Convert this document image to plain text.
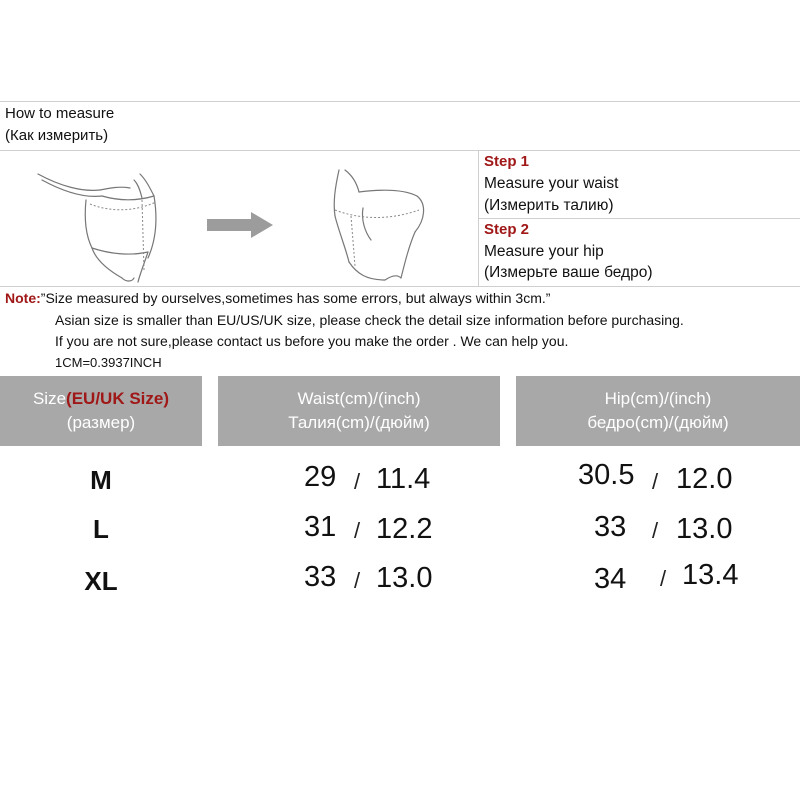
How to measure
(Как измерить)
Step 1
Measure your waist
(Измерить талию)
Step 2
Measure your hip
(Измерьте ваше бедро)
Note:”Size measured by ourselves,sometimes has some errors, but always within 3cm.”
Asian size is smaller than EU/US/UK size, please check the detail size information before purchasing.
If you are not sure,please contact us before you make the order . We can help you.
1CM=0.3937INCH
Size(EU/UK Size)
(размер)
Waist(cm)/(inch)
Талия(cm)/(дюйм)
Hip(cm)/(inch)
бедро(cm)/(дюйм)
M	29 / 11.4	30.5 / 12.0
L	31 / 12.2	33 / 13.0
XL	33 / 13.0	34 / 13.4
